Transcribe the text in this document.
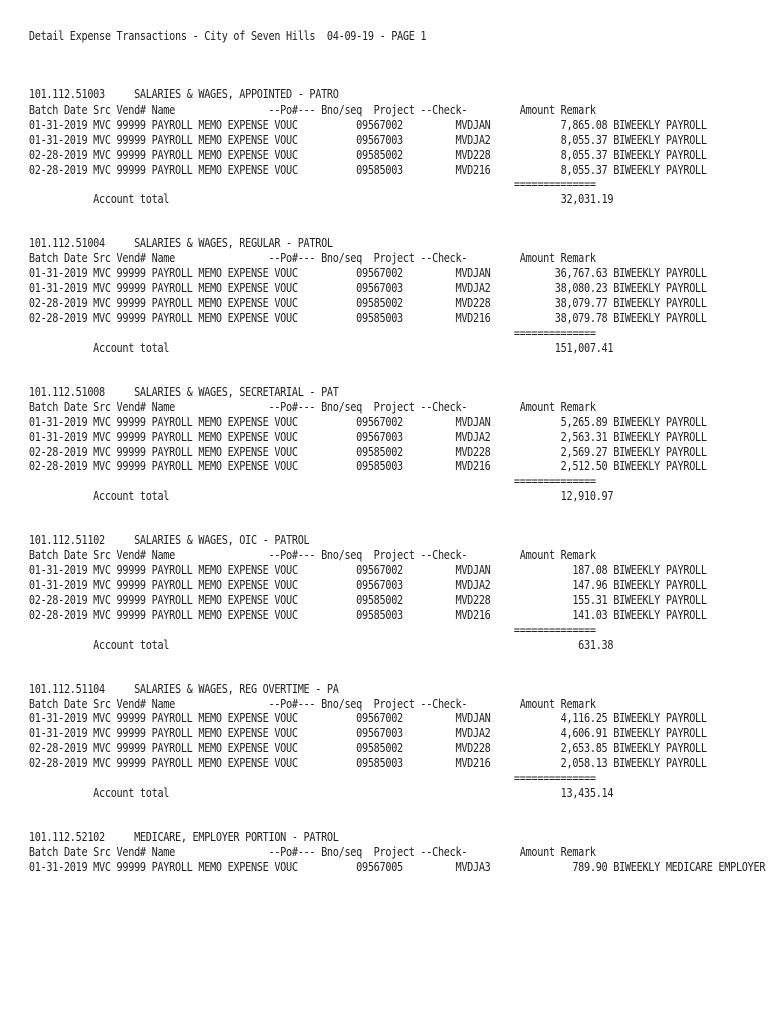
Detail Expense Transactions - City of Seven Hills  04-09-19 - PAGE 1
101.112.51003     SALARIES & WAGES, APPOINTED - PATRO
Batch Date Src Vend# Name                --Po#--- Bno/seq  Project --Check-         Amount Remark
01-31-2019 MVC 99999 PAYROLL MEMO EXPENSE VOUC          09567002         MVDJAN            7,865.08 BIWEEKLY PAYROLL
01-31-2019 MVC 99999 PAYROLL MEMO EXPENSE VOUC          09567003         MVDJA2            8,055.37 BIWEEKLY PAYROLL
02-28-2019 MVC 99999 PAYROLL MEMO EXPENSE VOUC          09585002         MVD228            8,055.37 BIWEEKLY PAYROLL
02-28-2019 MVC 99999 PAYROLL MEMO EXPENSE VOUC          09585003         MVD216            8,055.37 BIWEEKLY PAYROLL
==============
Account total                                                                   32,031.19
101.112.51004     SALARIES & WAGES, REGULAR - PATROL
Batch Date Src Vend# Name                --Po#--- Bno/seq  Project --Check-         Amount Remark
01-31-2019 MVC 99999 PAYROLL MEMO EXPENSE VOUC          09567002         MVDJAN           36,767.63 BIWEEKLY PAYROLL
01-31-2019 MVC 99999 PAYROLL MEMO EXPENSE VOUC          09567003         MVDJA2           38,080.23 BIWEEKLY PAYROLL
02-28-2019 MVC 99999 PAYROLL MEMO EXPENSE VOUC          09585002         MVD228           38,079.77 BIWEEKLY PAYROLL
02-28-2019 MVC 99999 PAYROLL MEMO EXPENSE VOUC          09585003         MVD216           38,079.78 BIWEEKLY PAYROLL
==============
Account total                                                                  151,007.41
101.112.51008     SALARIES & WAGES, SECRETARIAL - PAT
Batch Date Src Vend# Name                --Po#--- Bno/seq  Project --Check-         Amount Remark
01-31-2019 MVC 99999 PAYROLL MEMO EXPENSE VOUC          09567002         MVDJAN            5,265.89 BIWEEKLY PAYROLL
01-31-2019 MVC 99999 PAYROLL MEMO EXPENSE VOUC          09567003         MVDJA2            2,563.31 BIWEEKLY PAYROLL
02-28-2019 MVC 99999 PAYROLL MEMO EXPENSE VOUC          09585002         MVD228            2,569.27 BIWEEKLY PAYROLL
02-28-2019 MVC 99999 PAYROLL MEMO EXPENSE VOUC          09585003         MVD216            2,512.50 BIWEEKLY PAYROLL
==============
Account total                                                                   12,910.97
101.112.51102     SALARIES & WAGES, OIC - PATROL
Batch Date Src Vend# Name                --Po#--- Bno/seq  Project --Check-         Amount Remark
01-31-2019 MVC 99999 PAYROLL MEMO EXPENSE VOUC          09567002         MVDJAN              187.08 BIWEEKLY PAYROLL
01-31-2019 MVC 99999 PAYROLL MEMO EXPENSE VOUC          09567003         MVDJA2              147.96 BIWEEKLY PAYROLL
02-28-2019 MVC 99999 PAYROLL MEMO EXPENSE VOUC          09585002         MVD228              155.31 BIWEEKLY PAYROLL
02-28-2019 MVC 99999 PAYROLL MEMO EXPENSE VOUC          09585003         MVD216              141.03 BIWEEKLY PAYROLL
==============
Account total                                                                      631.38
101.112.51104     SALARIES & WAGES, REG OVERTIME - PA
Batch Date Src Vend# Name                --Po#--- Bno/seq  Project --Check-         Amount Remark
01-31-2019 MVC 99999 PAYROLL MEMO EXPENSE VOUC          09567002         MVDJAN            4,116.25 BIWEEKLY PAYROLL
01-31-2019 MVC 99999 PAYROLL MEMO EXPENSE VOUC          09567003         MVDJA2            4,606.91 BIWEEKLY PAYROLL
02-28-2019 MVC 99999 PAYROLL MEMO EXPENSE VOUC          09585002         MVD228            2,653.85 BIWEEKLY PAYROLL
02-28-2019 MVC 99999 PAYROLL MEMO EXPENSE VOUC          09585003         MVD216            2,058.13 BIWEEKLY PAYROLL
==============
Account total                                                                   13,435.14
101.112.52102     MEDICARE, EMPLOYER PORTION - PATROL
Batch Date Src Vend# Name                --Po#--- Bno/seq  Project --Check-         Amount Remark
01-31-2019 MVC 99999 PAYROLL MEMO EXPENSE VOUC          09567005         MVDJA3              789.90 BIWEEKLY MEDICARE EMPLOYER
